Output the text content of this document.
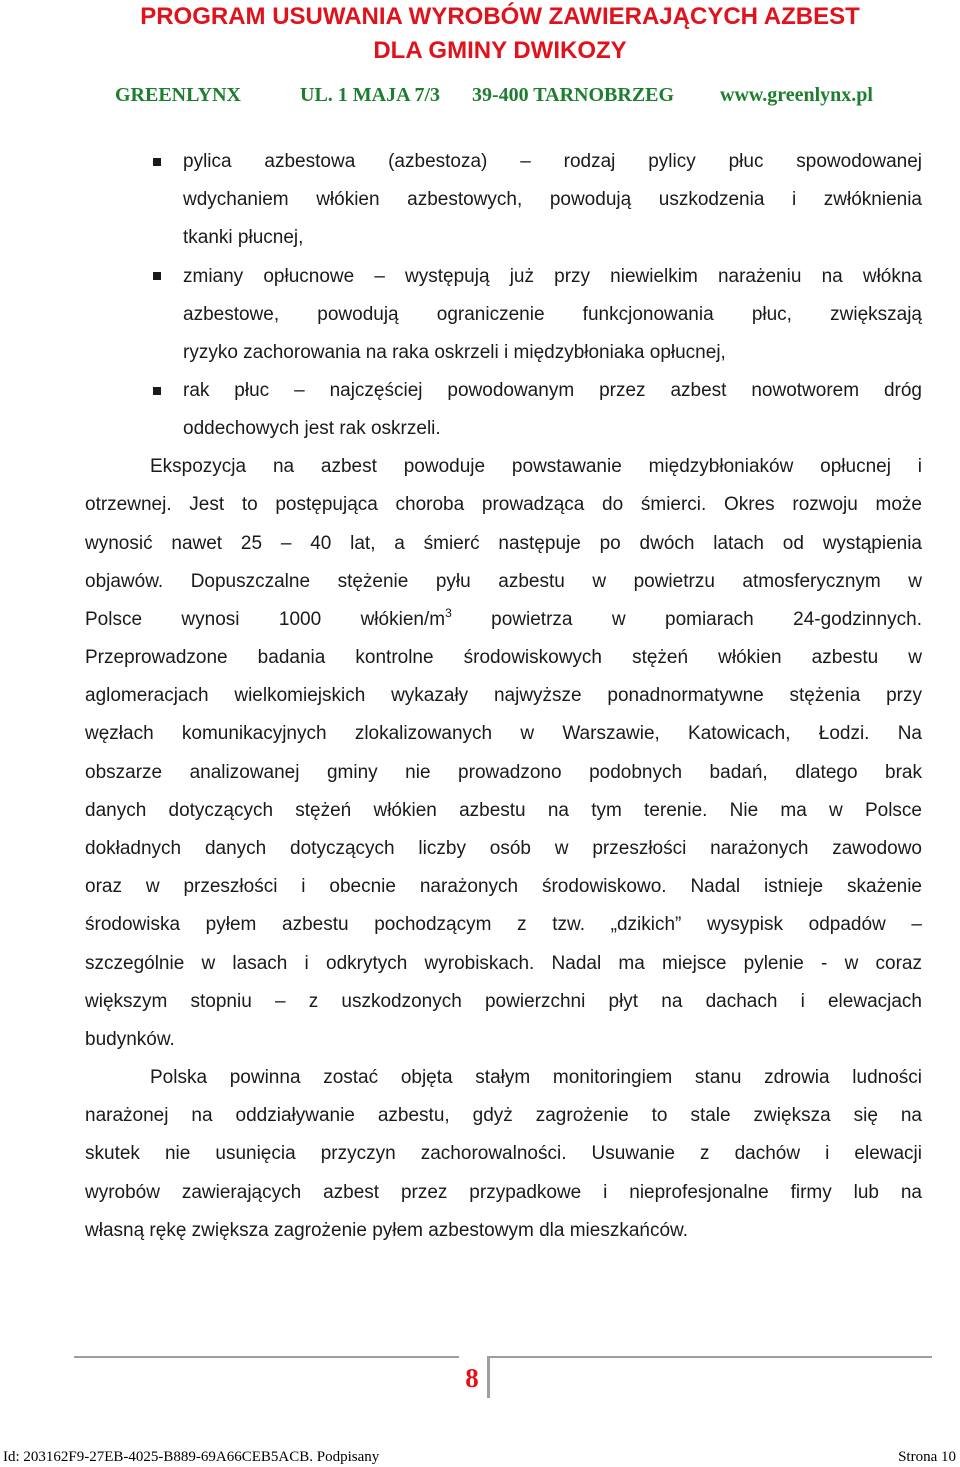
PROGRAM USUWANIA WYROBÓW ZAWIERAJĄCYCH AZBEST
DLA GMINY DWIKOZY
GREENLYNX	UL. 1 MAJA 7/3 39-400 TARNOBRZEG www.greenlynx.pl
pylica azbestowa (azbestoza) – rodzaj pylicy płuc spowodowanej
wdychaniem włókien azbestowych, powodują uszkodzenia i zwłóknienia
tkanki płucnej,
zmiany opłucnowe – występują już przy niewielkim narażeniu na włókna
azbestowe, powodują ograniczenie funkcjonowania płuc, zwiększają
ryzyko zachorowania na raka oskrzeli i międzybłoniaka opłucnej,
rak płuc – najczęściej powodowanym przez azbest nowotworem dróg
oddechowych jest rak oskrzeli.
Ekspozycja na azbest powoduje powstawanie międzybłoniaków opłucnej i
otrzewnej. Jest to postępująca choroba prowadząca do śmierci. Okres rozwoju może
wynosić nawet 25 – 40 lat, a śmierć następuje po dwóch latach od wystąpienia
objawów. Dopuszczalne stężenie pyłu azbestu w powietrzu atmosferycznym w
Polsce wynosi 1000 włókien/$m^3$ powietrza w pomiarach 24-godzinnych.
Przeprowadzone badania kontrolne środowiskowych stężeń włókien azbestu w
aglomeracjach wielkomiejskich wykazały najwyższe ponadnormatywne stężenia przy
węzłach komunikacyjnych zlokalizowanych w Warszawie, Katowicach, Łodzi. Na
obszarze analizowanej gminy nie prowadzono podobnych badań, dlatego brak
danych dotyczących stężeń włókien azbestu na tym terenie. Nie ma w Polsce
dokładnych danych dotyczących liczby osób w przeszłości narażonych zawodowo
oraz w przeszłości i obecnie narażonych środowiskowo. Nadal istnieje skażenie
środowiska pyłem azbestu pochodzącym z tzw. „dzikich” wysypisk odpadów –
szczególnie w lasach i odkrytych wyrobiskach. Nadal ma miejsce pylenie - w coraz
większym stopniu – z uszkodzonych powierzchni płyt na dachach i elewacjach
budynków.
Polska powinna zostać objęta stałym monitoringiem stanu zdrowia ludności
narażonej na oddziaływanie azbestu, gdyż zagrożenie to stale zwiększa się na
skutek nie usunięcia przyczyn zachorowalności. Usuwanie z dachów i elewacji
wyrobów zawierających azbest przez przypadkowe i nieprofesjonalne firmy lub na
własną rękę zwiększa zagrożenie pyłem azbestowym dla mieszkańców.
8
Id: 203162F9-27EB-4025-B889-69A66CEB5ACB. Podpisany	Strona 10
